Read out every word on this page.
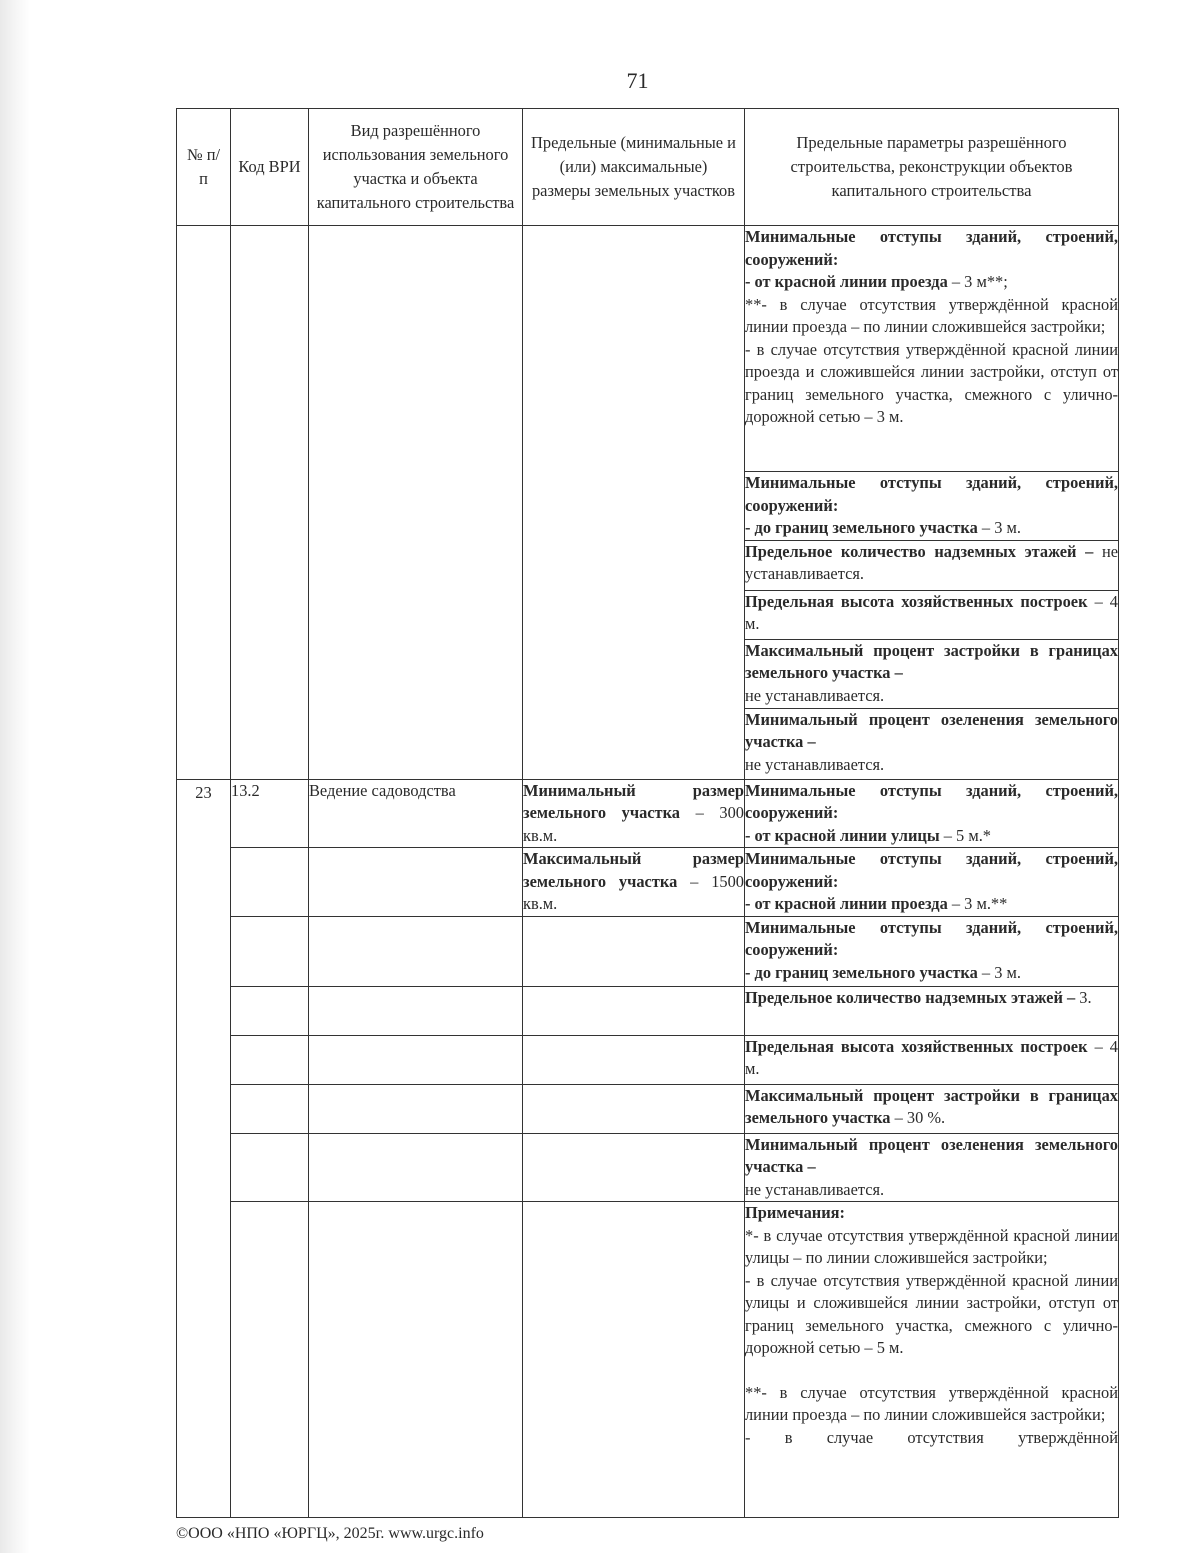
71
№ п/п	Код ВРИ	Вид разрешённого использования земельного участка и объекта капитального строительства	Предельные (минимальные и (или) максимальные) размеры земельных участков	Предельные параметры разрешённого строительства, реконструкции объектов капитального строительства

				Минимальные отступы зданий, строений, сооружений:
- от красной линии проезда – 3 м**;
**- в случае отсутствия утверждённой красной линии проезда – по линии сложившейся застройки;
- в случае отсутствия утверждённой красной линии проезда и сложившейся линии застройки, отступ от границ земельного участка, смежного с улично-дорожной сетью – 3 м.

				Минимальные отступы зданий, строений, сооружений:
- до границ земельного участка – 3 м.

				Предельное количество надземных этажей – не устанавливается.
				Предельная высота хозяйственных построек – 4 м.
				Максимальный процент застройки в границах земельного участка –
не устанавливается.

				Минимальный процент озеленения земельного участка –
не устанавливается.

23	13.2	Ведение садоводства	Минимальный размер земельного участка – 300 кв.м.	Минимальные отступы зданий, строений, сооружений:
- от красной линии улицы – 5 м.*

			Максимальный размер земельного участка – 1500 кв.м.	Минимальные отступы зданий, строений, сооружений:
- от красной линии проезда – 3 м.**

				Минимальные отступы зданий, строений, сооружений:
- до границ земельного участка – 3 м.

				Предельное количество надземных этажей – 3.
				Предельная высота хозяйственных построек – 4 м.
				Максимальный процент застройки в границах земельного участка – 30 %.
				Минимальный процент озеленения земельного участка –
не устанавливается.

				Примечания:
*- в случае отсутствия утверждённой красной линии улицы – по линии сложившейся застройки;
- в случае отсутствия утверждённой красной линии улицы и сложившейся линии застройки, отступ от границ земельного участка, смежного с улично-дорожной сетью – 5 м.
**- в случае отсутствия утверждённой красной линии проезда – по линии сложившейся застройки;
- в случае отсутствия утверждённой
©ООО «НПО «ЮРГЦ», 2025г. www.urgc.info
